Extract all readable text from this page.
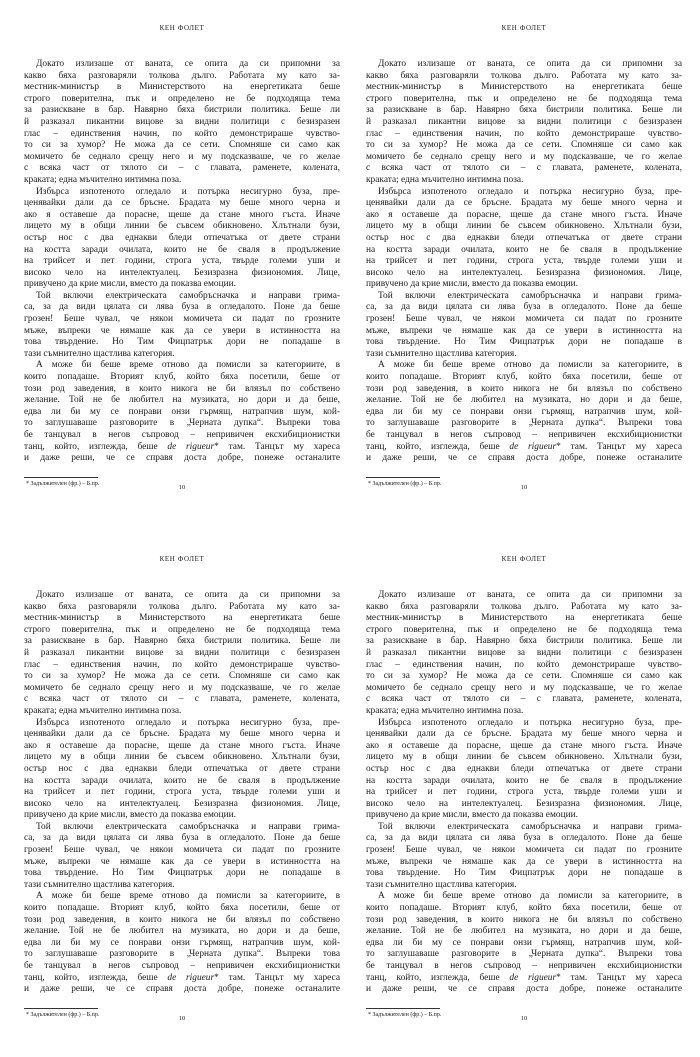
КЕН ФОЛЕТ
Докато излизаше от ваната, се опита да си припомни за
какво бяха разговаряли толкова дълго. Работата му като за-
местник-министър в Министерството на енергетиката беше
строго поверителна, пък и определено не бе подходяща тема
за разискване в бар. Навярно бяха бистрили политика. Беше ли
й разказал пикантни вицове за видни политици с безизразен
глас – единствения начин, по който демонстрираше чувство-
то си за хумор? Не можа да се сети. Спомняше си само как
момичето бе седнало срещу него и му подсказваше, че го желае
с всяка част от тялото си – с главата, раменете, колената,
краката; една мъчително интимна поза.
Избърса изпотеното огледало и потърка несигурно буза, пре-
ценявайки дали да се бръсне. Брадата му беше много черна и
ако я оставеше да порасне, щеше да стане много гъста. Иначе
лицето му в общи линии бе съвсем обикновено. Хлътнали бузи,
остър нос с два еднакви бледи отпечатъка от двете страни
на костта заради очилата, които не бе сваля в продължение
на трийсет и пет години, строга уста, твърде големи уши и
високо чело на интелектуалец. Безизразна физиономия. Лице,
привучено да крие мисли, вместо да показва емоции.
Той включи електрическата самобръсначка и направи грима-
са, за да види цялата си лява буза в огледалото. Поне да беше
грозен! Беше чувал, че някои момичета си падат по грозните
мъже, въпреки че нямаше как да се увери в истинността на
това твърдение. Но Тим Фицпатрък дори не попадаше в
тази съмнително щастлива категория.
А може би беше време отново да помисли за категориите, в
които попадаше. Вторият клуб, който бяха посетили, беше от
този род заведения, в които никога не би влязъл по собствено
желание. Той не бе любител на музиката, но дори и да беше,
едва ли би му се понрави онзи гърмящ, натрапчив шум, кой-
то заглушаваше разговорите в „Черната дупка“. Въпреки това
бе танцувал в негов съпровод – непривичен ексхибиционистки
танц, който, изглежда, беше de rigueur* там. Танцът му хареса
и даже реши, че се справя доста добре, понеже останалите
* Задължителен (фр.) – Б.пр.
10
КЕН ФОЛЕТ
Докато излизаше от ваната, се опита да си припомни за
какво бяха разговаряли толкова дълго. Работата му като за-
местник-министър в Министерството на енергетиката беше
строго поверителна, пък и определено не бе подходяща тема
за разискване в бар. Навярно бяха бистрили политика. Беше ли
й разказал пикантни вицове за видни политици с безизразен
глас – единствения начин, по който демонстрираше чувство-
то си за хумор? Не можа да се сети. Спомняше си само как
момичето бе седнало срещу него и му подсказваше, че го желае
с всяка част от тялото си – с главата, раменете, колената,
краката; една мъчително интимна поза.
Избърса изпотеното огледало и потърка несигурно буза, пре-
ценявайки дали да се бръсне. Брадата му беше много черна и
ако я оставеше да порасне, щеше да стане много гъста. Иначе
лицето му в общи линии бе съвсем обикновено. Хлътнали бузи,
остър нос с два еднакви бледи отпечатъка от двете страни
на костта заради очилата, които не бе сваля в продължение
на трийсет и пет години, строга уста, твърде големи уши и
високо чело на интелектуалец. Безизразна физиономия. Лице,
привучено да крие мисли, вместо да показва емоции.
Той включи електрическата самобръсначка и направи грима-
са, за да види цялата си лява буза в огледалото. Поне да беше
грозен! Беше чувал, че някои момичета си падат по грозните
мъже, въпреки че нямаше как да се увери в истинността на
това твърдение. Но Тим Фицпатрък дори не попадаше в
тази съмнително щастлива категория.
А може би беше време отново да помисли за категориите, в
които попадаше. Вторият клуб, който бяха посетили, беше от
този род заведения, в които никога не би влязъл по собствено
желание. Той не бе любител на музиката, но дори и да беше,
едва ли би му се понрави онзи гърмящ, натрапчив шум, кой-
то заглушаваше разговорите в „Черната дупка“. Въпреки това
бе танцувал в негов съпровод – непривичен ексхибиционистки
танц, който, изглежда, беше de rigueur* там. Танцът му хареса
и даже реши, че се справя доста добре, понеже останалите
* Задължителен (фр.) – Б.пр.
10
КЕН ФОЛЕТ
Докато излизаше от ваната, се опита да си припомни за
какво бяха разговаряли толкова дълго. Работата му като за-
местник-министър в Министерството на енергетиката беше
строго поверителна, пък и определено не бе подходяща тема
за разискване в бар. Навярно бяха бистрили политика. Беше ли
й разказал пикантни вицове за видни политици с безизразен
глас – единствения начин, по който демонстрираше чувство-
то си за хумор? Не можа да се сети. Спомняше си само как
момичето бе седнало срещу него и му подсказваше, че го желае
с всяка част от тялото си – с главата, раменете, колената,
краката; една мъчително интимна поза.
Избърса изпотеното огледало и потърка несигурно буза, пре-
ценявайки дали да се бръсне. Брадата му беше много черна и
ако я оставеше да порасне, щеше да стане много гъста. Иначе
лицето му в общи линии бе съвсем обикновено. Хлътнали бузи,
остър нос с два еднакви бледи отпечатъка от двете страни
на костта заради очилата, които не бе сваля в продължение
на трийсет и пет години, строга уста, твърде големи уши и
високо чело на интелектуалец. Безизразна физиономия. Лице,
привучено да крие мисли, вместо да показва емоции.
Той включи електрическата самобръсначка и направи грима-
са, за да види цялата си лява буза в огледалото. Поне да беше
грозен! Беше чувал, че някои момичета си падат по грозните
мъже, въпреки че нямаше как да се увери в истинността на
това твърдение. Но Тим Фицпатрък дори не попадаше в
тази съмнително щастлива категория.
А може би беше време отново да помисли за категориите, в
които попадаше. Вторият клуб, който бяха посетили, беше от
този род заведения, в които никога не би влязъл по собствено
желание. Той не бе любител на музиката, но дори и да беше,
едва ли би му се понрави онзи гърмящ, натрапчив шум, кой-
то заглушаваше разговорите в „Черната дупка“. Въпреки това
бе танцувал в негов съпровод – непривичен ексхибиционистки
танц, който, изглежда, беше de rigueur* там. Танцът му хареса
и даже реши, че се справя доста добре, понеже останалите
* Задължителен (фр.) – Б.пр.
10
КЕН ФОЛЕТ
Докато излизаше от ваната, се опита да си припомни за
какво бяха разговаряли толкова дълго. Работата му като за-
местник-министър в Министерството на енергетиката беше
строго поверителна, пък и определено не бе подходяща тема
за разискване в бар. Навярно бяха бистрили политика. Беше ли
й разказал пикантни вицове за видни политици с безизразен
глас – единствения начин, по който демонстрираше чувство-
то си за хумор? Не можа да се сети. Спомняше си само как
момичето бе седнало срещу него и му подсказваше, че го желае
с всяка част от тялото си – с главата, раменете, колената,
краката; една мъчително интимна поза.
Избърса изпотеното огледало и потърка несигурно буза, пре-
ценявайки дали да се бръсне. Брадата му беше много черна и
ако я оставеше да порасне, щеше да стане много гъста. Иначе
лицето му в общи линии бе съвсем обикновено. Хлътнали бузи,
остър нос с два еднакви бледи отпечатъка от двете страни
на костта заради очилата, които не бе сваля в продължение
на трийсет и пет години, строга уста, твърде големи уши и
високо чело на интелектуалец. Безизразна физиономия. Лице,
привучено да крие мисли, вместо да показва емоции.
Той включи електрическата самобръсначка и направи грима-
са, за да види цялата си лява буза в огледалото. Поне да беше
грозен! Беше чувал, че някои момичета си падат по грозните
мъже, въпреки че нямаше как да се увери в истинността на
това твърдение. Но Тим Фицпатрък дори не попадаше в
тази съмнително щастлива категория.
А може би беше време отново да помисли за категориите, в
които попадаше. Вторият клуб, който бяха посетили, беше от
този род заведения, в които никога не би влязъл по собствено
желание. Той не бе любител на музиката, но дори и да беше,
едва ли би му се понрави онзи гърмящ, натрапчив шум, кой-
то заглушаваше разговорите в „Черната дупка“. Въпреки това
бе танцувал в негов съпровод – непривичен ексхибиционистки
танц, който, изглежда, беше de rigueur* там. Танцът му хареса
и даже реши, че се справя доста добре, понеже останалите
* Задължителен (фр.) – Б.пр.
10
